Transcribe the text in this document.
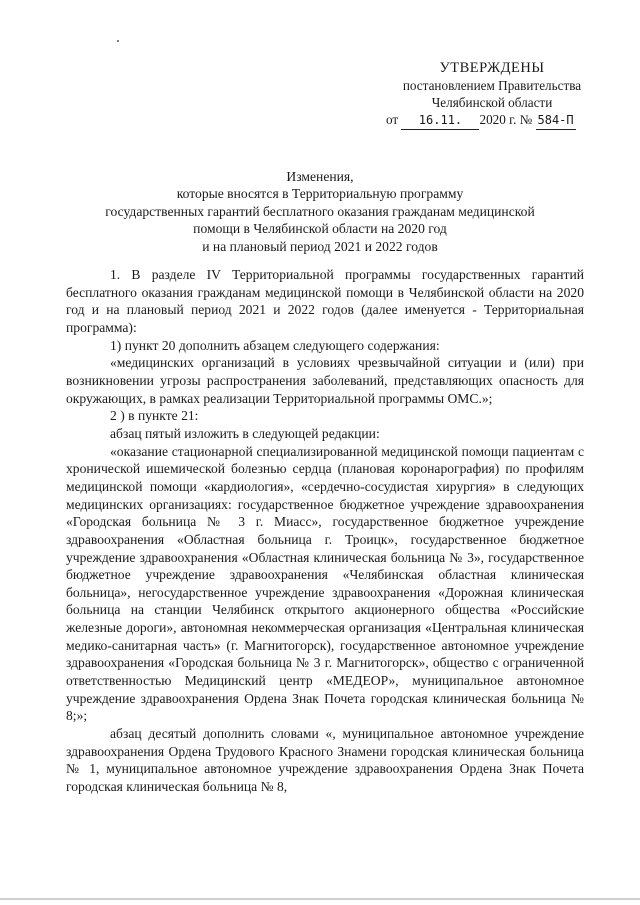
УТВЕРЖДЕНЫ
постановлением Правительства
Челябинской области
от 16.11. 2020 г. № 584-П
Изменения,
которые вносятся в Территориальную программу
государственных гарантий бесплатного оказания гражданам медицинской
помощи в Челябинской области на 2020 год
и на плановый период 2021 и 2022 годов

1. В разделе IV Территориальной программы государственных гарантий бесплатного оказания гражданам медицинской помощи в Челябинской области на 2020 год и на плановый период 2021 и 2022 годов (далее именуется - Территориальная программа):

1) пункт 20 дополнить абзацем следующего содержания:

«медицинских организаций в условиях чрезвычайной ситуации и (или) при возникновении угрозы распространения заболеваний, представляющих опасность для окружающих, в рамках реализации Территориальной программы ОМС.»;

2 ) в пункте 21:

абзац пятый изложить в следующей редакции:

«оказание стационарной специализированной медицинской помощи пациентам с хронической ишемической болезнью сердца (плановая коронарография) по профилям медицинской помощи «кардиология», «сердечно-сосудистая хирургия» в следующих медицинских организациях: государственное бюджетное учреждение здравоохранения «Городская больница № 3 г. Миасс», государственное бюджетное учреждение здравоохранения «Областная больница г. Троицк», государственное бюджетное учреждение здравоохранения «Областная клиническая больница № 3», государственное бюджетное учреждение здравоохранения «Челябинская областная клиническая больница», негосударственное учреждение здравоохранения «Дорожная клиническая больница на станции Челябинск открытого акционерного общества «Российские железные дороги», автономная некоммерческая организация «Центральная клиническая медико-санитарная часть» (г. Магнитогорск), государственное автономное учреждение здравоохранения «Городская больница № 3 г. Магнитогорск», общество с ограниченной ответственностью Медицинский центр «МЕДЕОР», муниципальное автономное учреждение здравоохранения Ордена Знак Почета городская клиническая больница № 8;»;

абзац десятый дополнить словами «, муниципальное автономное учреждение здравоохранения Ордена Трудового Красного Знамени городская клиническая больница № 1, муниципальное автономное учреждение здравоохранения Ордена Знак Почета городская клиническая больница № 8,
